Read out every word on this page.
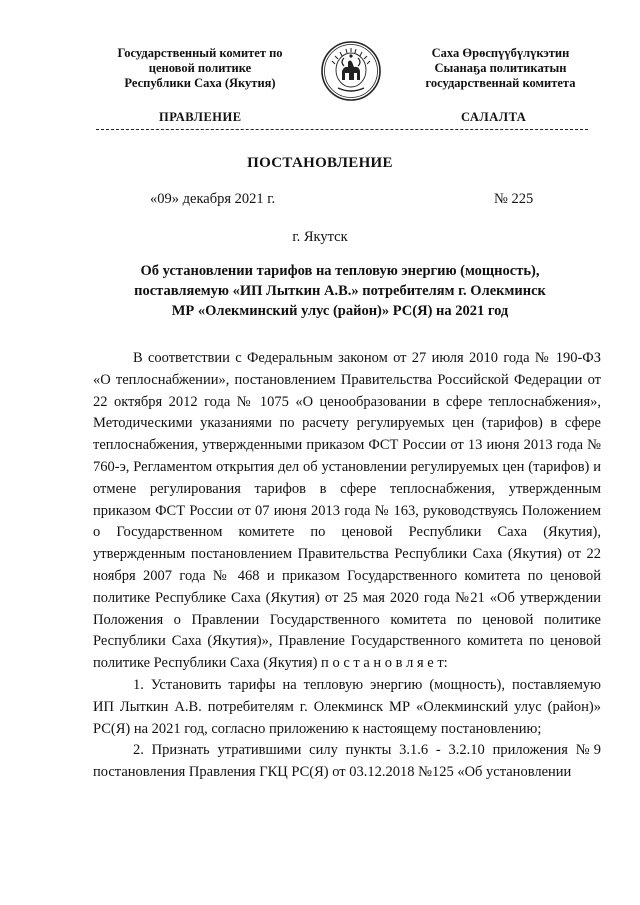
Государственный комитет по
ценовой политике
Республики Саха (Якутия)
Саха Өрөспүүбүлүкэтин
Сыанаҕа политикатын
государственнай комитета
ПРАВЛЕНИЕ	САЛАЛТА
ПОСТАНОВЛЕНИЕ
«09» декабря 2021 г.	№ 225
г. Якутск
Об установлении тарифов на тепловую энергию (мощность),
поставляемую «ИП Лыткин А.В.» потребителям г. Олекминск
МР «Олекминский улус (район)» РС(Я) на 2021 год

В соответствии с Федеральным законом от 27 июля 2010 года № 190-ФЗ «О теплоснабжении», постановлением Правительства Российской Федерации от 22 октября 2012 года № 1075 «О ценообразовании в сфере теплоснабжения», Методическими указаниями по расчету регулируемых цен (тарифов) в сфере теплоснабжения, утвержденными приказом ФСТ России от 13 июня 2013 года № 760-э, Регламентом открытия дел об установлении регулируемых цен (тарифов) и отмене регулирования тарифов в сфере теплоснабжения, утвержденным приказом ФСТ России от 07 июня 2013 года № 163, руководствуясь Положением о Государственном комитете по ценовой Республики Саха (Якутия), утвержденным постановлением Правительства Республики Саха (Якутия) от 22 ноября 2007 года № 468 и приказом Государственного комитета по ценовой политике Республике Саха (Якутия) от 25 мая 2020 года №21 «Об утверждении Положения о Правлении Государственного комитета по ценовой политике Республики Саха (Якутия)», Правление Государственного комитета по ценовой политике Республики Саха (Якутия) п о с т а н о в л я е т:

1. Установить тарифы на тепловую энергию (мощность), поставляемую ИП Лыткин А.В. потребителям г. Олекминск МР «Олекминский улус (район)» РС(Я) на 2021 год, согласно приложению к настоящему постановлению;

2. Признать утратившими силу пункты 3.1.6 - 3.2.10 приложения №9 постановления Правления ГКЦ РС(Я) от 03.12.2018 №125 «Об установлении
